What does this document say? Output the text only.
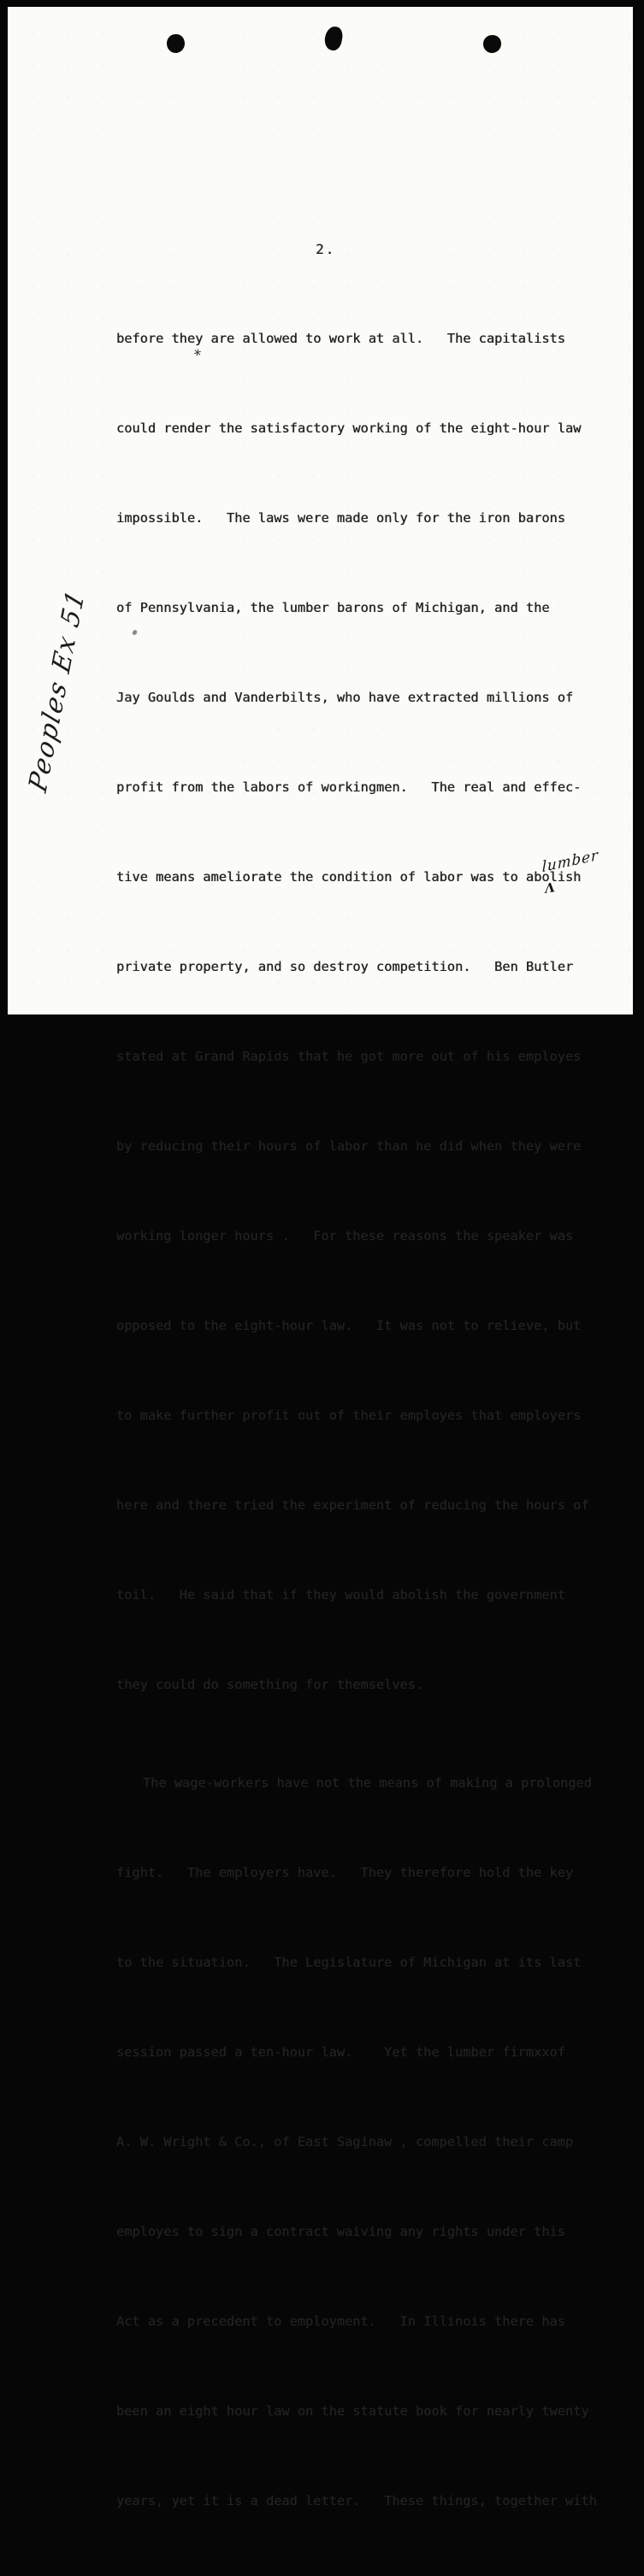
2.
*

before they are allowed to work at all.   The capitalists

could render the satisfactory working of the eight-hour law

impossible.   The laws were made only for the iron barons

of Pennsylvania, the lumber barons of Michigan, and the

Jay Goulds and Vanderbilts, who have extracted millions of

profit from the labors of workingmen.   The real and effec-

tive means ameliorate the condition of labor was to abolish

private property, and so destroy competition.   Ben Butler

stated at Grand Rapids that he got more out of his employes

by reducing their hours of labor than he did when they were

working longer hours .   For these reasons the speaker was

opposed to the eight-hour law.   It was not to relieve, but

to make further profit out of their employes that employers

here and there tried the experiment of reducing the hours of

toil.   He said that if they would abolish the government

they could do something for themselves.

The wage-workers have not the means of making a prolonged

fight.   The employers have.   They therefore hold the key

to the situation.   The Legislature of Michigan at its last

session passed a ten-hour law.    Yet the lumber firmxxof

A. W. Wright & Co., of East Saginaw , compelled their camp

employes to sign a contract waiving any rights under this

Act as a precedent to employment.   In Illinois there has

been an eight hour law on the statute book for nearly twenty

years, yet it is a dead letter.   These things, together with

lumber
Λ
Peoples Ex 51
